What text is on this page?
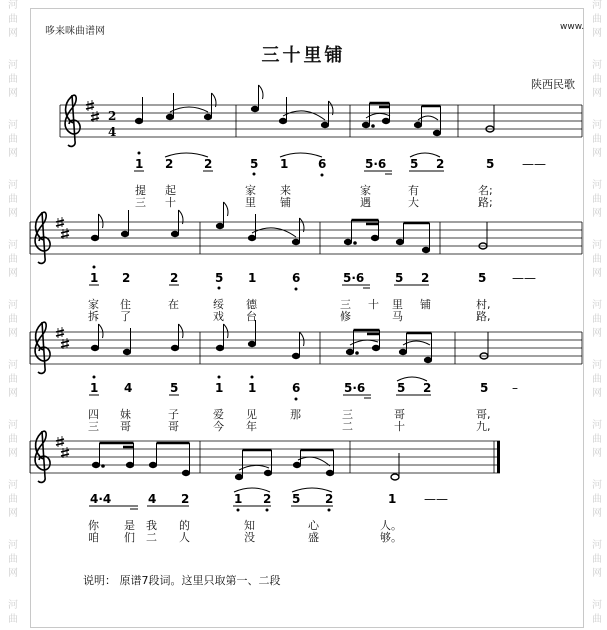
河
曲
网
河
曲
网
河
曲
网
河
曲
网
河
曲
网
河
曲
网
河
曲
网
河
曲
网
河
曲
网
河
曲
网
河
曲
河
曲
网
河
曲
网
河
曲
网
河
曲
网
河
曲
网
河
曲
网
河
曲
网
河
曲
网
河
曲
网
河
曲
网
河
曲
哆来咪曲谱网	www.
三十里铺
陕西民歌
2
4
1 2	2	5 1 6	5·6 5 2	5 ——
1 2	2	5 1	6	5·6	5 2	5 ——
1 4	5	1 1	6	5·6	5 2	5 –
4·4	4 2	1 2 5 2	1 ——
提 起	家 来	家	有	名;
三 十	里 铺	遇	大	路;
家 住	在	绥 德	三 十 里 铺	村,
拆 了	戏 台	修	马	路,
四 妹	子	爱 见	那	三	哥	哥,
三 哥	哥	今 年	二	十	九,
你 是 我 的	知	心	人。
咱 们 二 人	没	盛	够。
说明： 原谱7段词。这里只取第一、二段
